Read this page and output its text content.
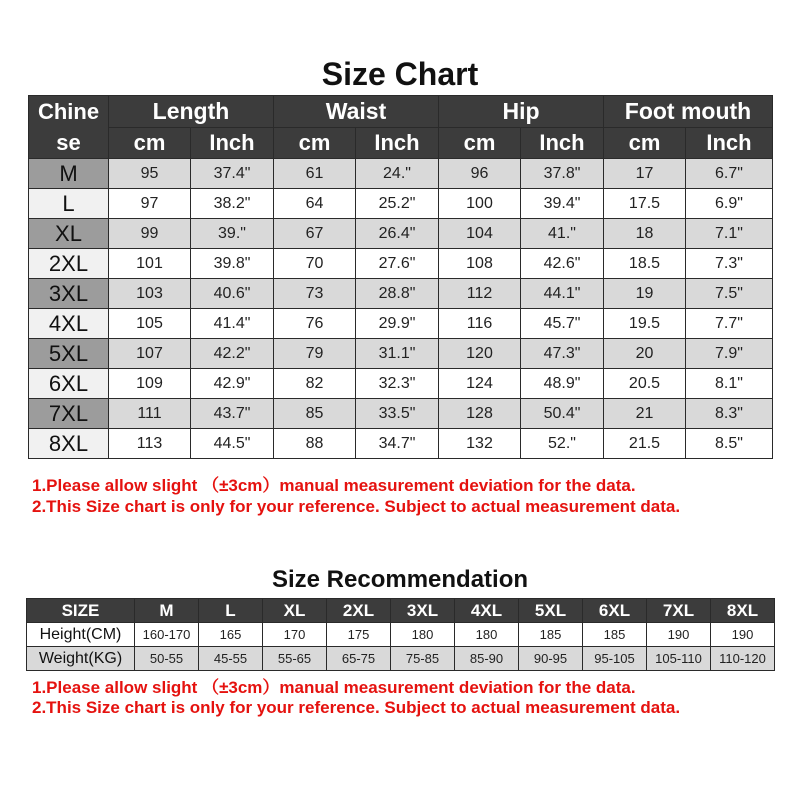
Size Chart
Chine se	Length		Waist		Hip		Foot mouth	
	cm	Inch	cm	Inch	cm	Inch	cm	Inch
M	95	37.4"	61	24."	96	37.8"	17	6.7"
L	97	38.2"	64	25.2"	100	39.4"	17.5	6.9"
XL	99	39."	67	26.4"	104	41."	18	7.1"
2XL	101	39.8"	70	27.6"	108	42.6"	18.5	7.3"
3XL	103	40.6"	73	28.8"	112	44.1"	19	7.5"
4XL	105	41.4"	76	29.9"	116	45.7"	19.5	7.7"
5XL	107	42.2"	79	31.1"	120	47.3"	20	7.9"
6XL	109	42.9"	82	32.3"	124	48.9"	20.5	8.1"
7XL	111	43.7"	85	33.5"	128	50.4"	21	8.3"
8XL	113	44.5"	88	34.7"	132	52."	21.5	8.5"
1.Please allow slight （±3cm）manual measurement deviation for the data.
2.This Size chart is only for your reference. Subject to actual measurement data.
Size Recommendation
SIZE	M	L	XL	2XL	3XL	4XL	5XL	6XL	7XL	8XL
Height(CM)	160-170	165	170	175	180	180	185	185	190	190
Weight(KG)	50-55	45-55	55-65	65-75	75-85	85-90	90-95	95-105	105-110	110-120
1.Please allow slight （±3cm）manual measurement deviation for the data.
2.This Size chart is only for your reference. Subject to actual measurement data.
